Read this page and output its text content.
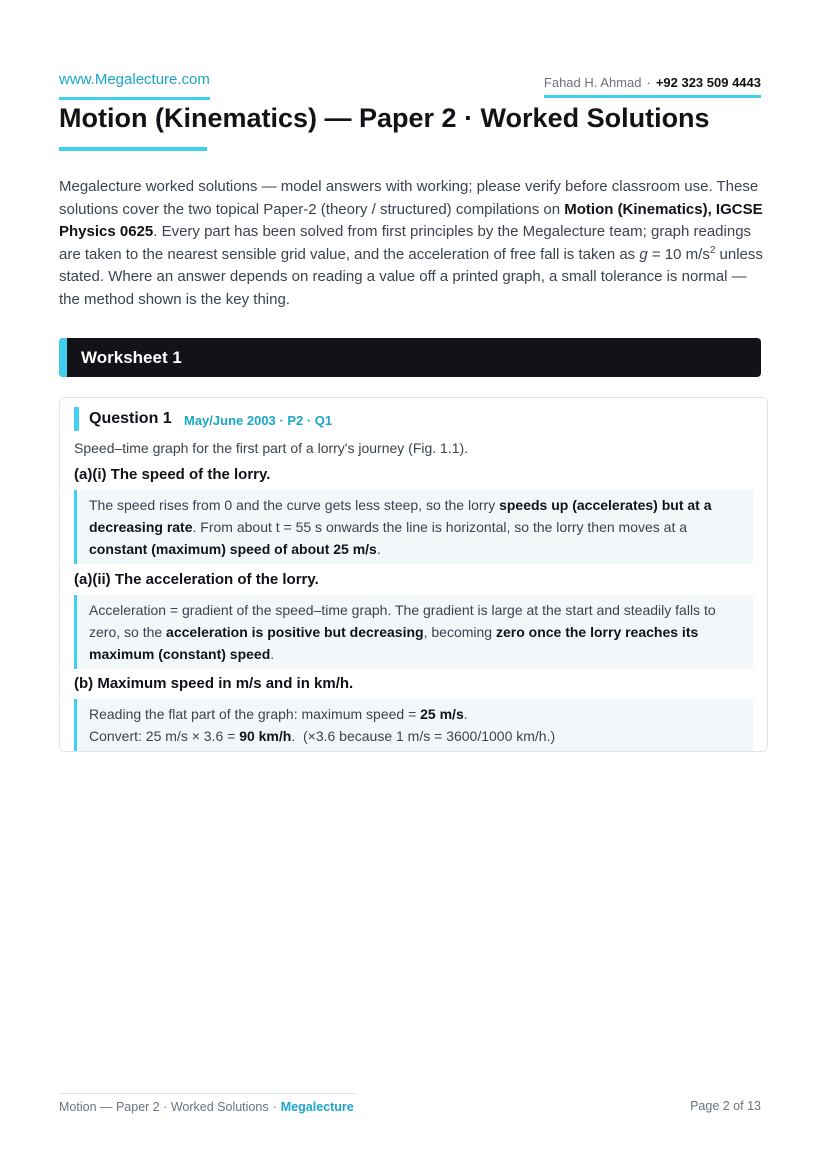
www.Megalecture.com	Fahad H. Ahmad · +92 323 509 4443
Motion (Kinematics) — Paper 2 · Worked Solutions

Megalecture worked solutions — model answers with working; please verify before classroom use. These solutions cover the two topical Paper-2 (theory / structured) compilations on Motion (Kinematics), IGCSE Physics 0625. Every part has been solved from first principles by the Megalecture team; graph readings are taken to the nearest sensible grid value, and the acceleration of free fall is taken as g = 10 $m/s^2$ unless stated. Where an answer depends on reading a value off a printed graph, a small tolerance is normal — the method shown is the key thing.

Worksheet 1
Question 1 May/June 2003 · P2 · Q1
Speed–time graph for the first part of a lorry's journey (Fig. 1.1).
(a)(i) The speed of the lorry.
The speed rises from 0 and the curve gets less steep, so the lorry speeds up (accelerates) but at a decreasing rate. From about t = 55 s onwards the line is horizontal, so the lorry then moves at a constant (maximum) speed of about 25 m/s.
(a)(ii) The acceleration of the lorry.
Acceleration = gradient of the speed–time graph. The gradient is large at the start and steadily falls to zero, so the acceleration is positive but decreasing, becoming zero once the lorry reaches its maximum (constant) speed.
(b) Maximum speed in m/s and in km/h.
Reading the flat part of the graph: maximum speed = 25 m/s.
Convert: 25 m/s × 3.6 = 90 km/h.  (×3.6 because 1 m/s = 3600/1000 km/h.)
Motion — Paper 2 · Worked Solutions · Megalecture	Page 2 of 13
